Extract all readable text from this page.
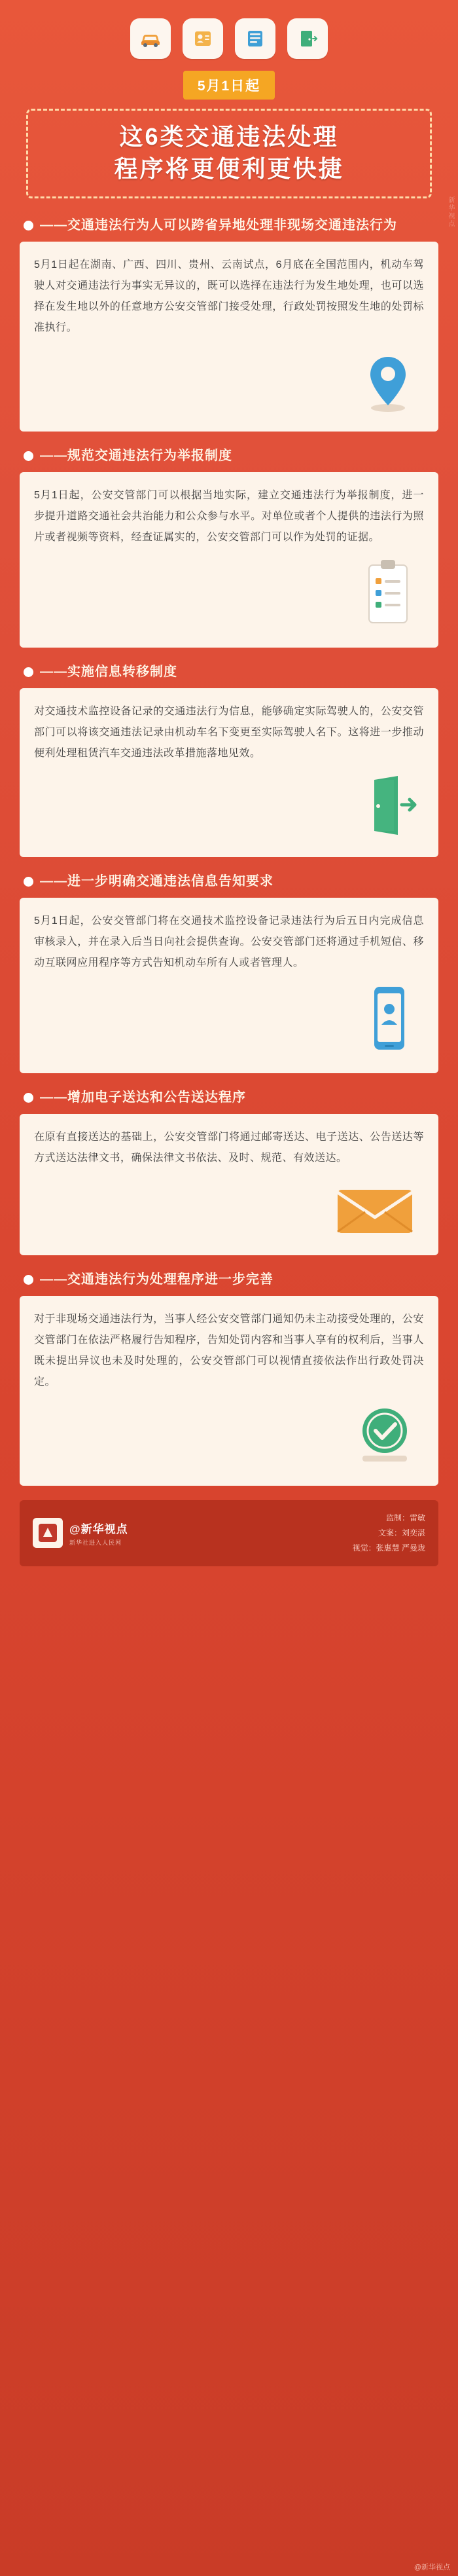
5月1日起
这6类交通违法处理
程序将更便利更快捷
——交通违法行为人可以跨省异地处理非现场交通违法行为

5月1日起在湖南、广西、四川、贵州、云南试点，6月底在全国范围内，机动车驾驶人对交通违法行为事实无异议的，既可以选择在违法行为发生地处理，也可以选择在发生地以外的任意地方公安交管部门接受处理，行政处罚按照发生地的处罚标准执行。

——规范交通违法行为举报制度

5月1日起，公安交管部门可以根据当地实际，建立交通违法行为举报制度，进一步提升道路交通社会共治能力和公众参与水平。对单位或者个人提供的违法行为照片或者视频等资料，经查证属实的，公安交管部门可以作为处罚的证据。

——实施信息转移制度

对交通技术监控设备记录的交通违法行为信息，能够确定实际驾驶人的，公安交管部门可以将该交通违法记录由机动车名下变更至实际驾驶人名下。这将进一步推动便利处理租赁汽车交通违法改革措施落地见效。

——进一步明确交通违法信息告知要求

5月1日起，公安交管部门将在交通技术监控设备记录违法行为后五日内完成信息审核录入，并在录入后当日向社会提供查询。公安交管部门还将通过手机短信、移动互联网应用程序等方式告知机动车所有人或者管理人。

——增加电子送达和公告送达程序

在原有直接送达的基础上，公安交管部门将通过邮寄送达、电子送达、公告送达等方式送达法律文书，确保法律文书依法、及时、规范、有效送达。

——交通违法行为处理程序进一步完善

对于非现场交通违法行为，当事人经公安交管部门通知仍未主动接受处理的，公安交管部门在依法严格履行告知程序，告知处罚内容和当事人享有的权利后，当事人既未提出异议也未及时处理的，公安交管部门可以视情直接依法作出行政处罚决定。

@新华视点
新华社进入人民网
监制：雷敏
文案：刘奕湛
视觉：张惠慧 严曼珑
@新华视点
新华视点
